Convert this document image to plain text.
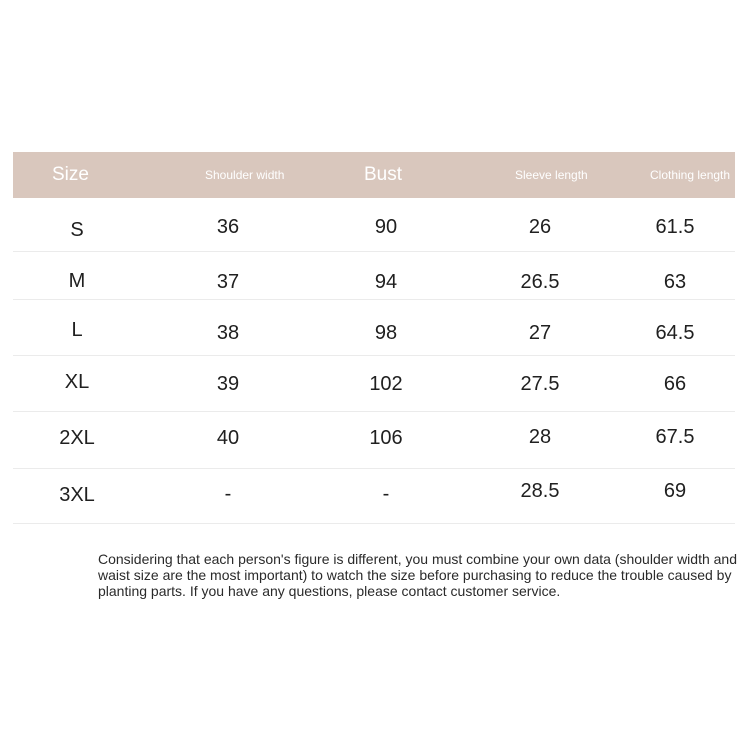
Size	Shoulder width	Bust	Sleeve length	Clothing length
S	36	90	26	61.5
M	37	94	26.5	63
L	38	98	27	64.5
XL	39	102	27.5	66
2XL	40	106	28	67.5
3XL	-	-	28.5	69

Considering that each person's figure is different, you must combine your own data (shoulder width and waist size are the most important) to watch the size before purchasing to reduce the trouble caused by planting parts. If you have any questions, please contact customer service.
